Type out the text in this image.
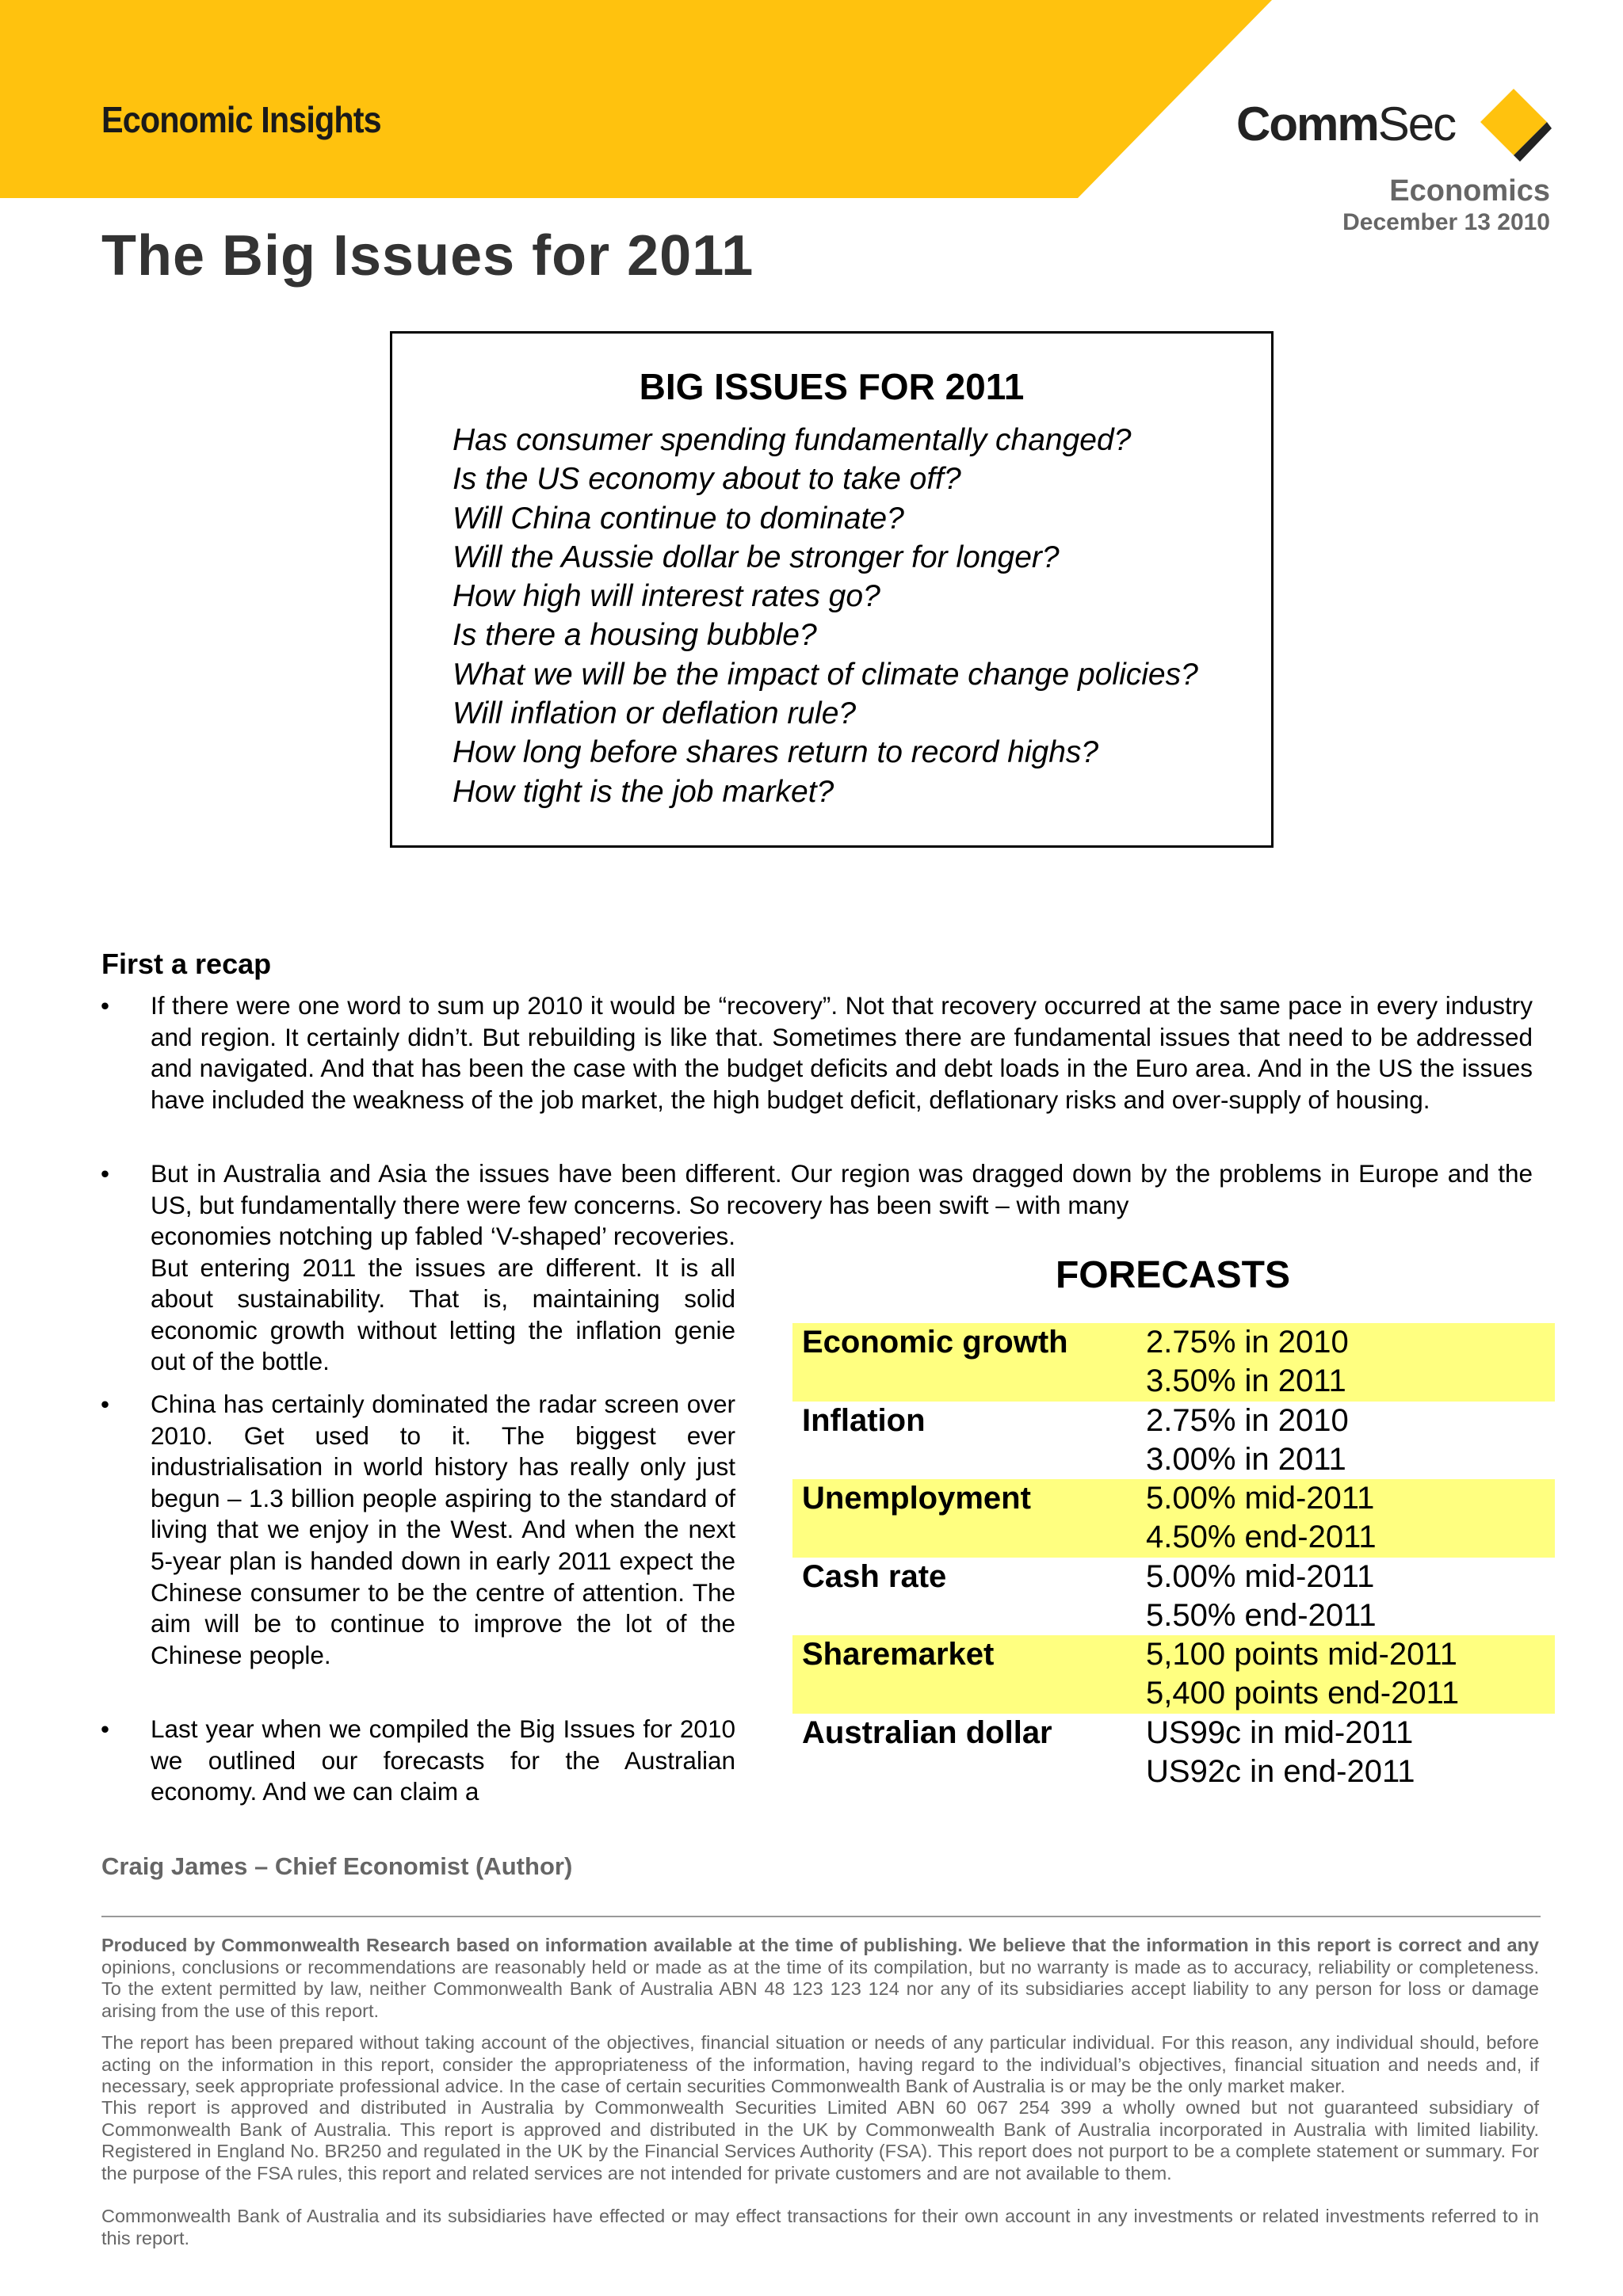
Economic Insights	CommSec
Economics
December 13 2010
The Big Issues for 2011
BIG ISSUES FOR 2011
Has consumer spending fundamentally changed?
Is the US economy about to take off?
Will China continue to dominate?
Will the Aussie dollar be stronger for longer?
How high will interest rates go?
Is there a housing bubble?
What we will be the impact of climate change policies?
Will inflation or deflation rule?
How long before shares return to record highs?
How tight is the job market?
First a recap
• If there were one word to sum up 2010 it would be “recovery”. Not that recovery occurred at the same pace in every industry and region. It certainly didn’t. But rebuilding is like that. Sometimes there are fundamental issues that need to be addressed and navigated. And that has been the case with the budget deficits and debt loads in the Euro area. And in the US the issues have included the weakness of the job market, the high budget deficit, deflationary risks and over-supply of housing.
• But in Australia and Asia the issues have been different. Our region was dragged down by the problems in Europe and the US, but fundamentally there were few concerns. So recovery has been swift – with many
economies notching up fabled ‘V-shaped’ recoveries. But entering 2011 the issues are different. It is all about sustainability. That is, maintaining solid economic growth without letting the inflation genie out of the bottle.
• China has certainly dominated the radar screen over 2010. Get used to it. The biggest ever industrialisation in world history has really only just begun – 1.3 billion people aspiring to the standard of living that we enjoy in the West. And when the next 5-year plan is handed down in early 2011 expect the Chinese consumer to be the centre of attention. The aim will be to continue to improve the lot of the Chinese people.
• Last year when we compiled the Big Issues for 2010 we outlined our forecasts for the Australian economy. And we can claim a
FORECASTS
Economic growth 2.75% in 2010
3.50% in 2011
Inflation	2.75% in 2010
3.00% in 2011
Unemployment	5.00% mid-2011
4.50% end-2011
Cash rate	5.00% mid-2011
5.50% end-2011
Sharemarket	5,100 points mid-2011
5,400 points end-2011
Australian dollar	US99c in mid-2011
US92c in end-2011
Craig James – Chief Economist (Author)

Produced by Commonwealth Research based on information available at the time of publishing. We believe that the information in this report is correct and any opinions, conclusions or recommendations are reasonably held or made as at the time of its compilation, but no warranty is made as to accuracy, reliability or completeness. To the extent permitted by law, neither Commonwealth Bank of Australia ABN 48 123 123 124 nor any of its subsidiaries accept liability to any person for loss or damage arising from the use of this report.

The report has been prepared without taking account of the objectives, financial situation or needs of any particular individual. For this reason, any individual should, before acting on the information in this report, consider the appropriateness of the information, having regard to the individual’s objectives, financial situation and needs and, if necessary, seek appropriate professional advice. In the case of certain securities Commonwealth Bank of Australia is or may be the only market maker.

This report is approved and distributed in Australia by Commonwealth Securities Limited ABN 60 067 254 399 a wholly owned but not guaranteed subsidiary of Commonwealth Bank of Australia. This report is approved and distributed in the UK by Commonwealth Bank of Australia incorporated in Australia with limited liability. Registered in England No. BR250 and regulated in the UK by the Financial Services Authority (FSA). This report does not purport to be a complete statement or summary. For the purpose of the FSA rules, this report and related services are not intended for private customers and are not available to them.

Commonwealth Bank of Australia and its subsidiaries have effected or may effect transactions for their own account in any investments or related investments referred to in this report.
